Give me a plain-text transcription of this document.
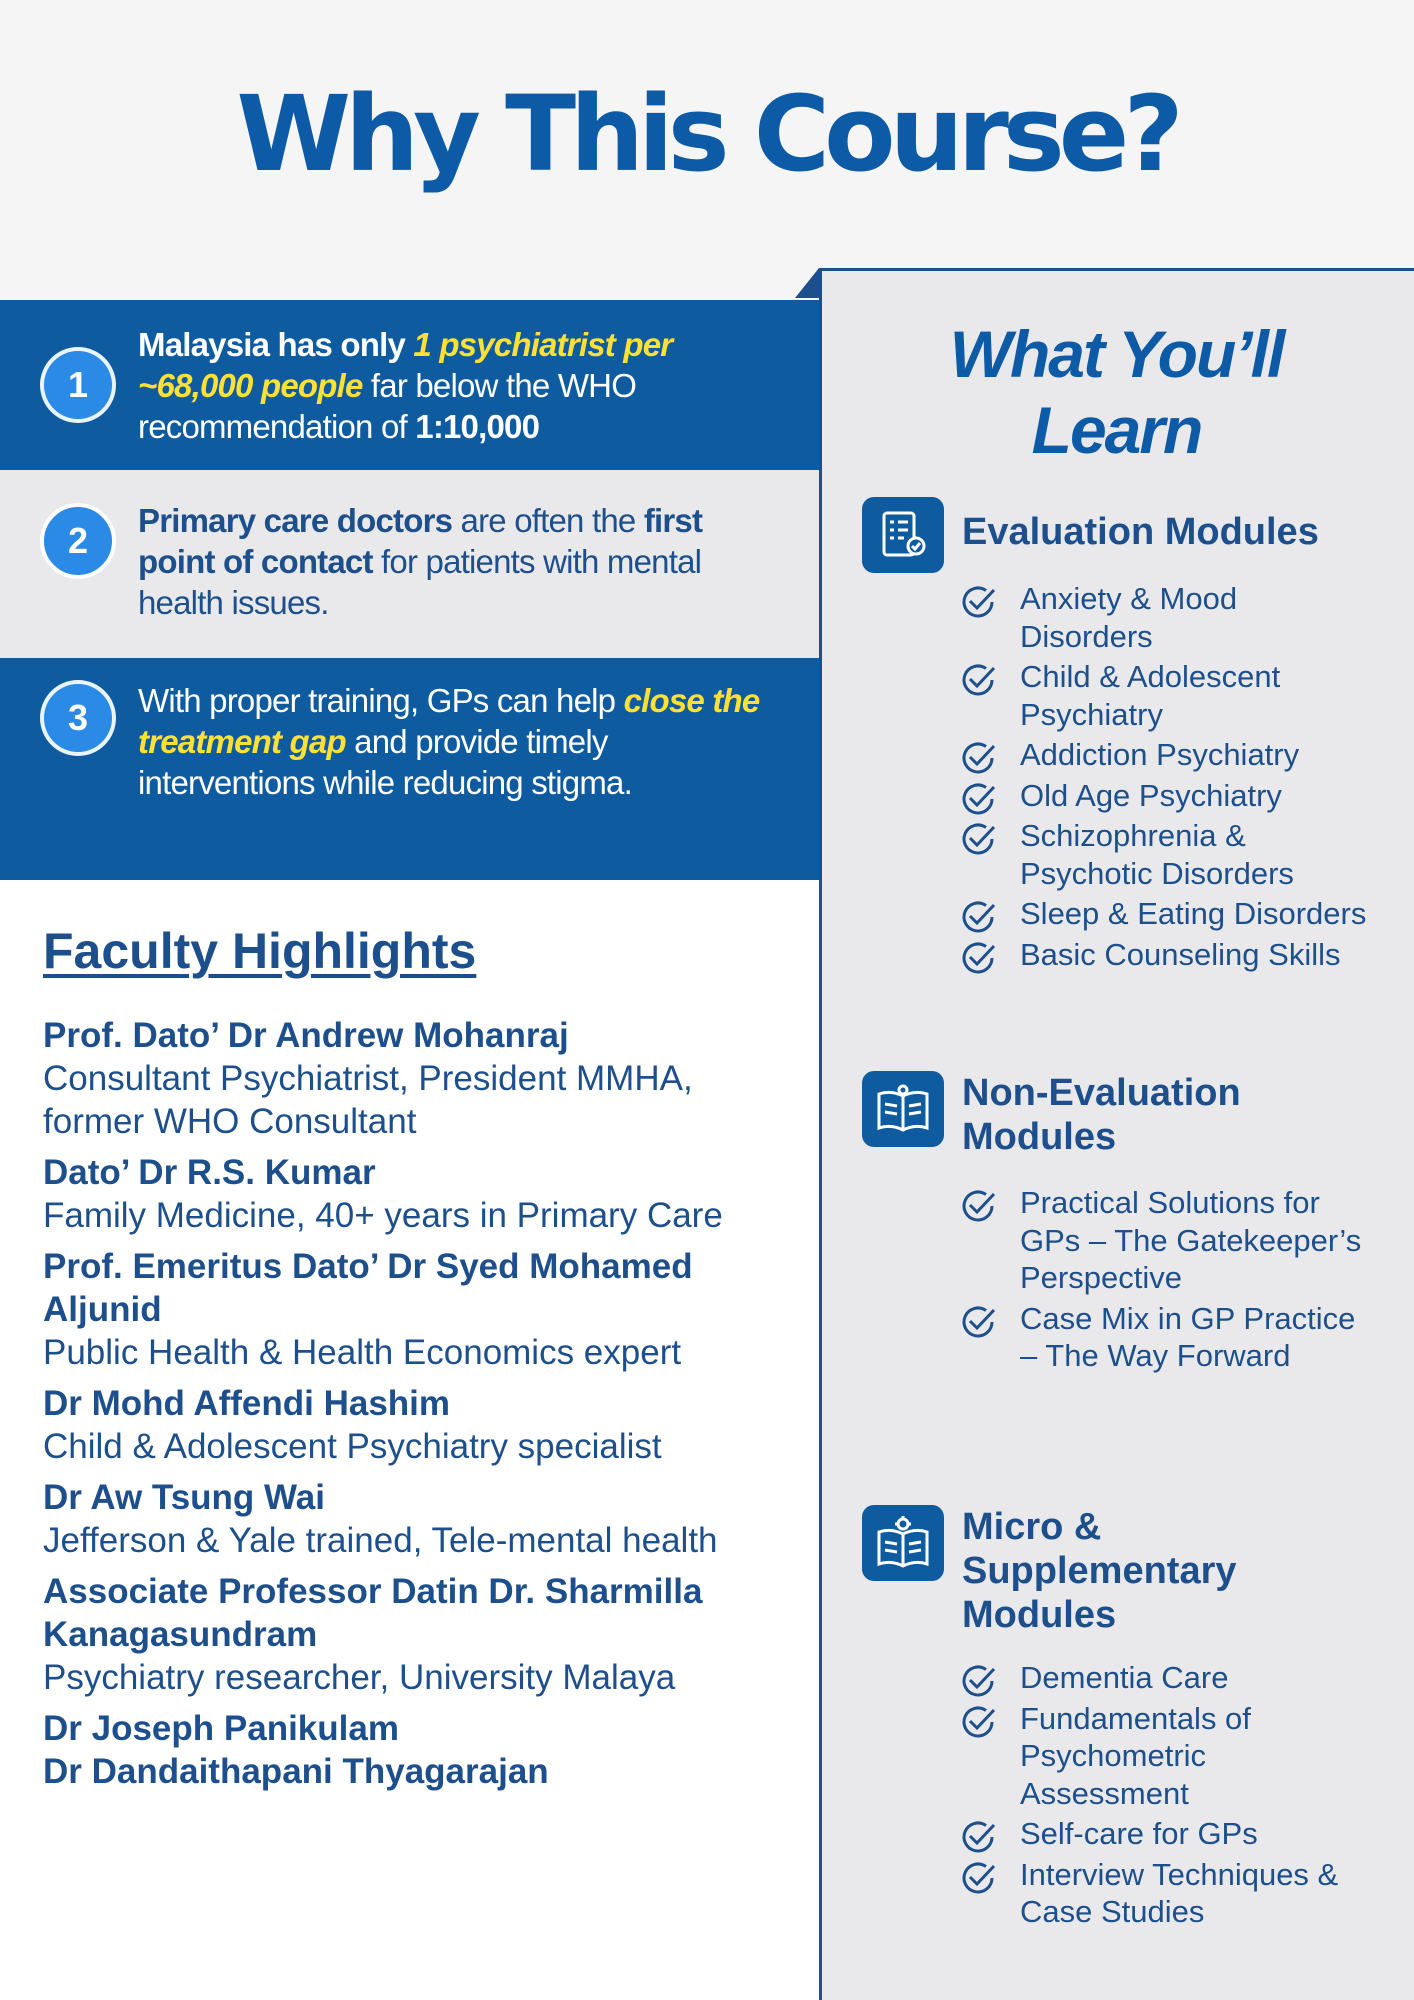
Why This Course?
1
Malaysia has only 1 psychiatrist per ~68,000 people far below the WHO recommendation of 1:10,000
2	Primary care doctors are often the first point of contact for patients with mental health issues.
3	With proper training, GPs can help close the treatment gap and provide timely interventions while reducing stigma.
Faculty Highlights
Prof. Dato’ Dr Andrew Mohanraj
Consultant Psychiatrist, President MMHA, former WHO Consultant
Dato’ Dr R.S. Kumar
Family Medicine, 40+ years in Primary Care
Prof. Emeritus Dato’ Dr Syed Mohamed Aljunid
Public Health & Health Economics expert
Dr Mohd Affendi Hashim
Child & Adolescent Psychiatry specialist
Dr Aw Tsung Wai
Jefferson & Yale trained, Tele-mental health
Associate Professor Datin Dr. Sharmilla Kanagasundram
Psychiatry researcher, University Malaya
Dr Joseph Panikulam
Dr Dandaithapani Thyagarajan
What You’ll
Learn
Evaluation Modules
Anxiety & Mood Disorders
Child & Adolescent Psychiatry
Addiction Psychiatry
Old Age Psychiatry
Schizophrenia & Psychotic Disorders
Sleep & Eating Disorders
Basic Counseling Skills
Non-Evaluation Modules
Practical Solutions for GPs – The Gatekeeper’s Perspective
Case Mix in GP Practice – The Way Forward
Micro & Supplementary Modules
Dementia Care
Fundamentals of Psychometric Assessment
Self-care for GPs
Interview Techniques & Case Studies
